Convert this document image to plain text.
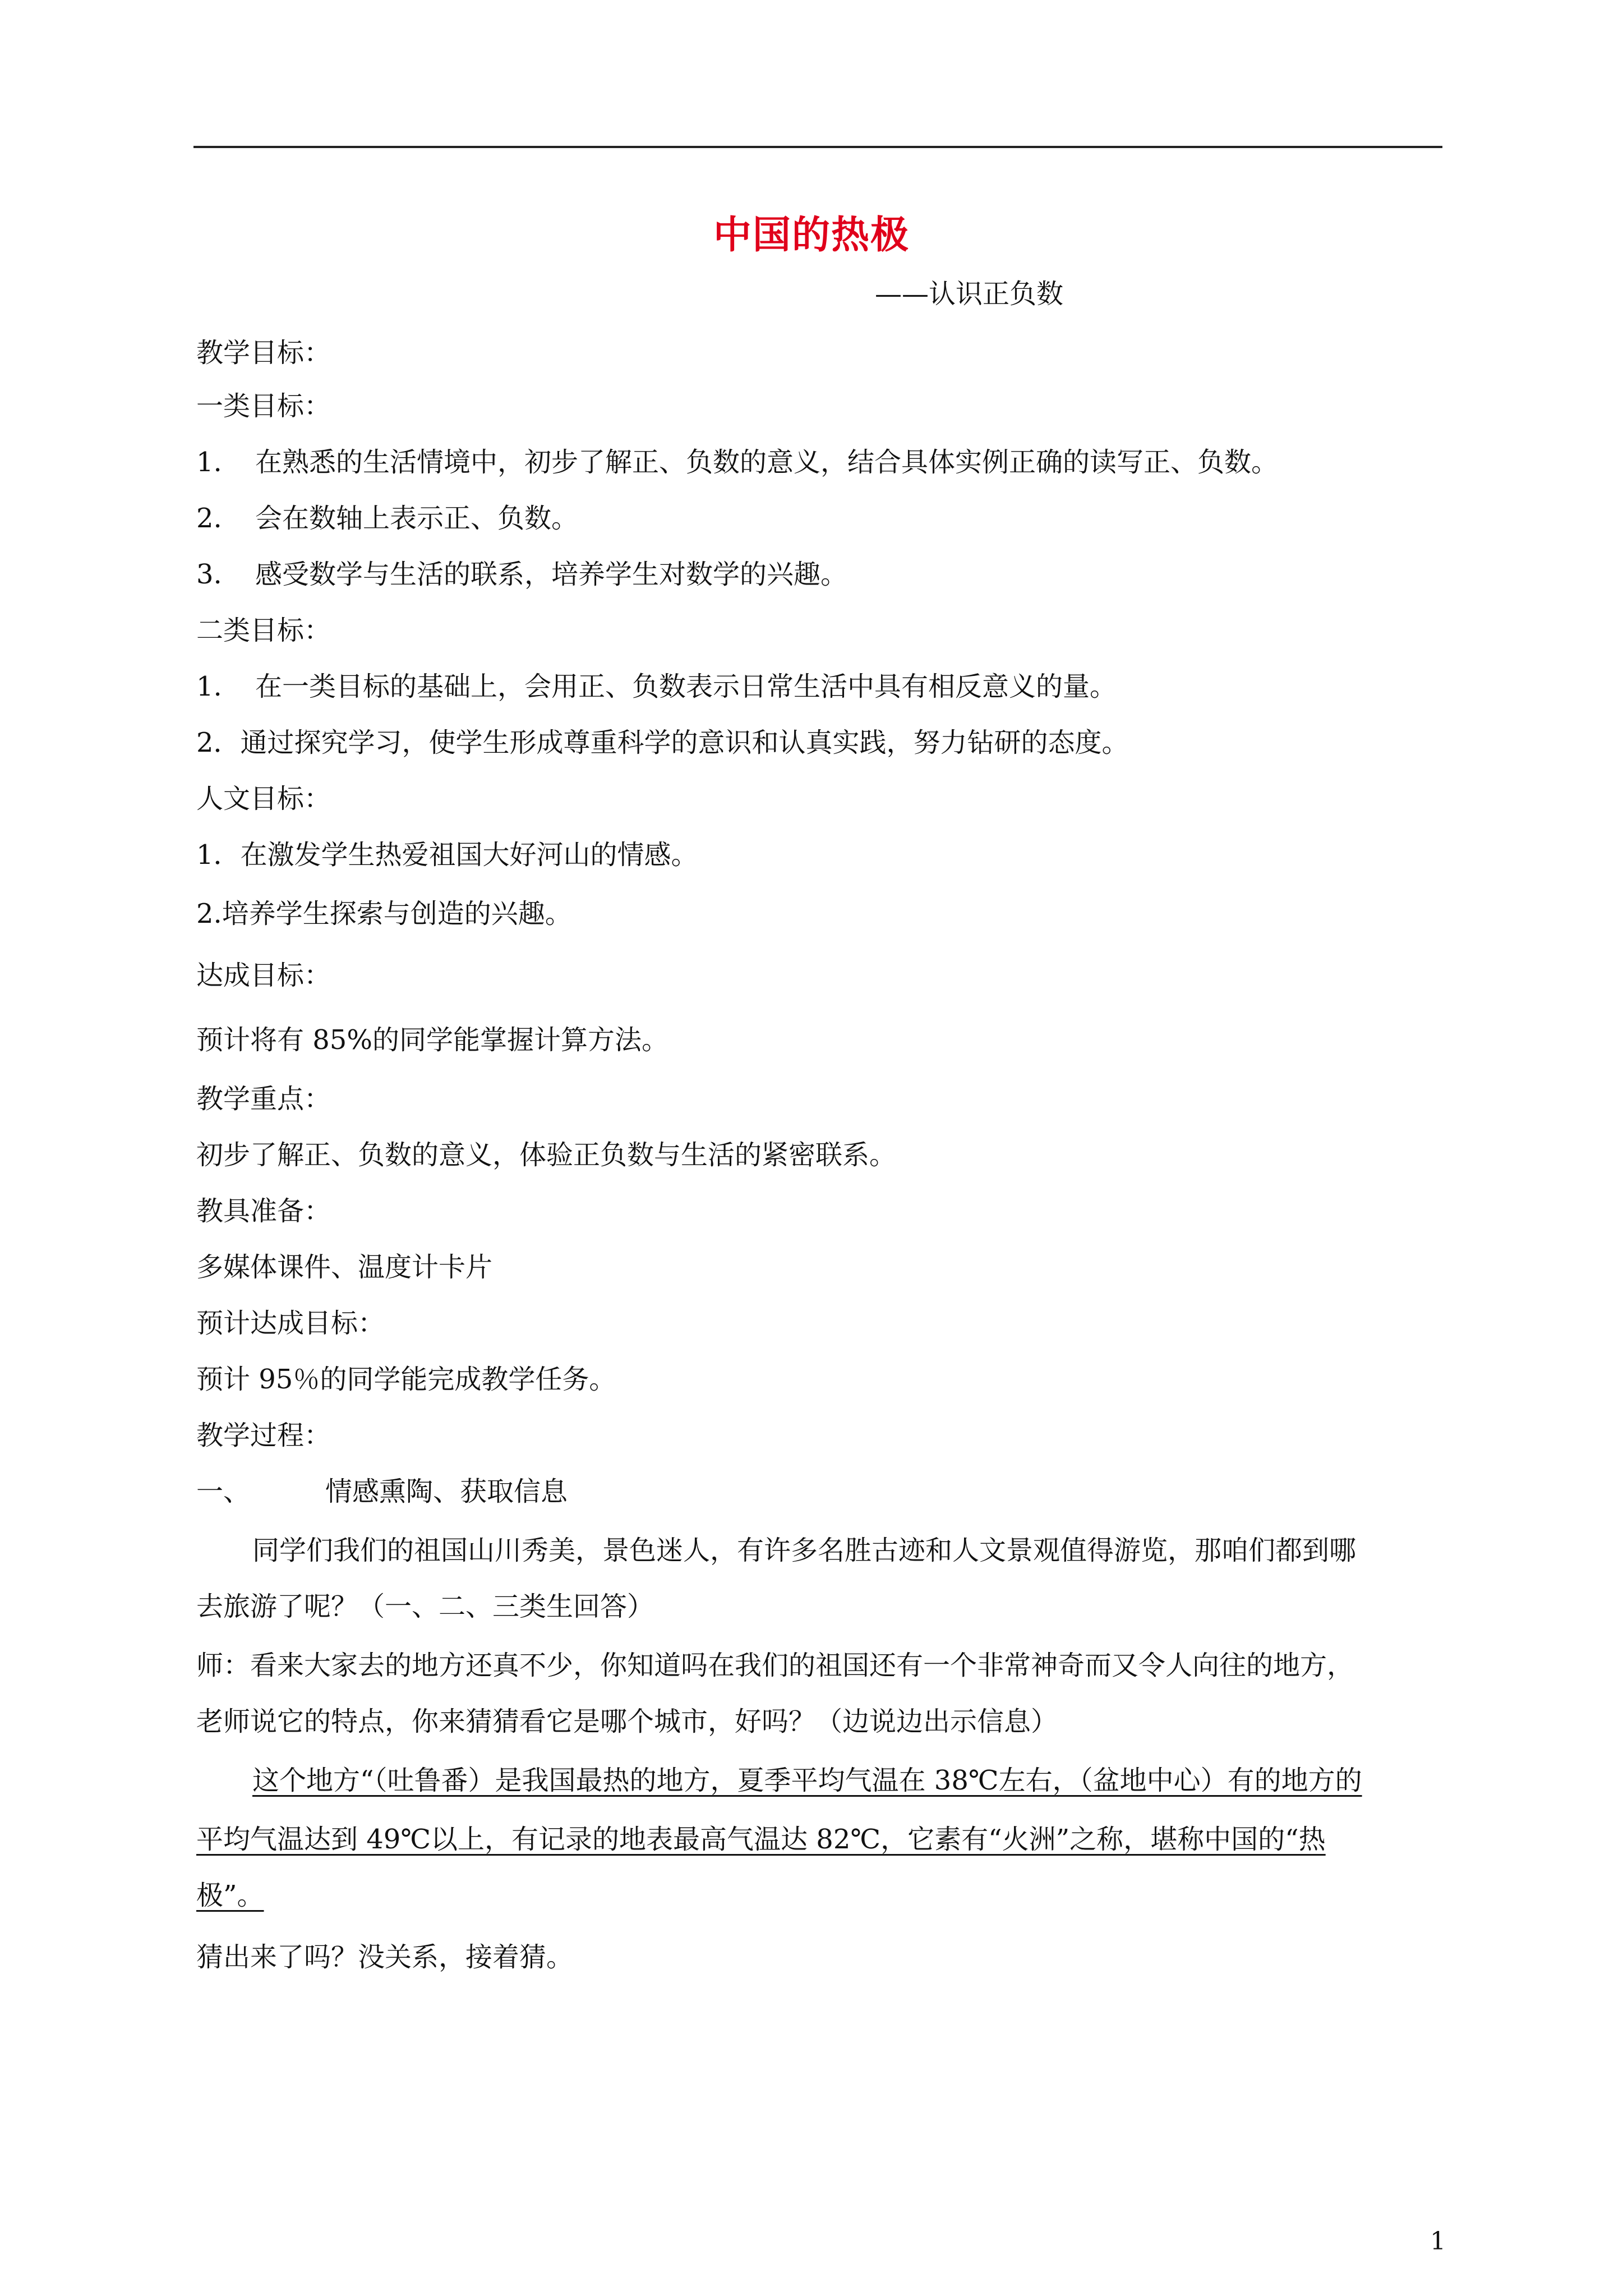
中国的热极
——认识正负数
教学目标：
一类目标：
1. 在熟悉的生活情境中，初步了解正、负数的意义，结合具体实例正确的读写正、负数。
2. 会在数轴上表示正、负数。
3. 感受数学与生活的联系，培养学生对数学的兴趣。
二类目标：
1. 在一类目标的基础上，会用正、负数表示日常生活中具有相反意义的量。
2．通过探究学习，使学生形成尊重科学的意识和认真实践，努力钻研的态度。
人文目标：
1．在激发学生热爱祖国大好河山的情感。
2.培养学生探索与创造的兴趣。
达成目标：
预计将有 85%的同学能掌握计算方法。
教学重点：
初步了解正、负数的意义，体验正负数与生活的紧密联系。
教具准备：
多媒体课件、温度计卡片
预计达成目标：
预计 95％的同学能完成教学任务。
教学过程：
一、	情感熏陶、获取信息
同学们我们的祖国山川秀美，景色迷人，有许多名胜古迹和人文景观值得游览，那咱们都到哪
去旅游了呢？（一、二、三类生回答）
师：看来大家去的地方还真不少，你知道吗在我们的祖国还有一个非常神奇而又令人向往的地方，
老师说它的特点，你来猜猜看它是哪个城市，好吗？（边说边出示信息）
这个地方“（吐鲁番）是我国最热的地方，夏季平均气温在 38℃左右，（盆地中心）有的地方的
平均气温达到 49℃以上，有记录的地表最高气温达 82℃，它素有“火洲”之称，堪称中国的“热
极”。
猜出来了吗？没关系，接着猜。
1
